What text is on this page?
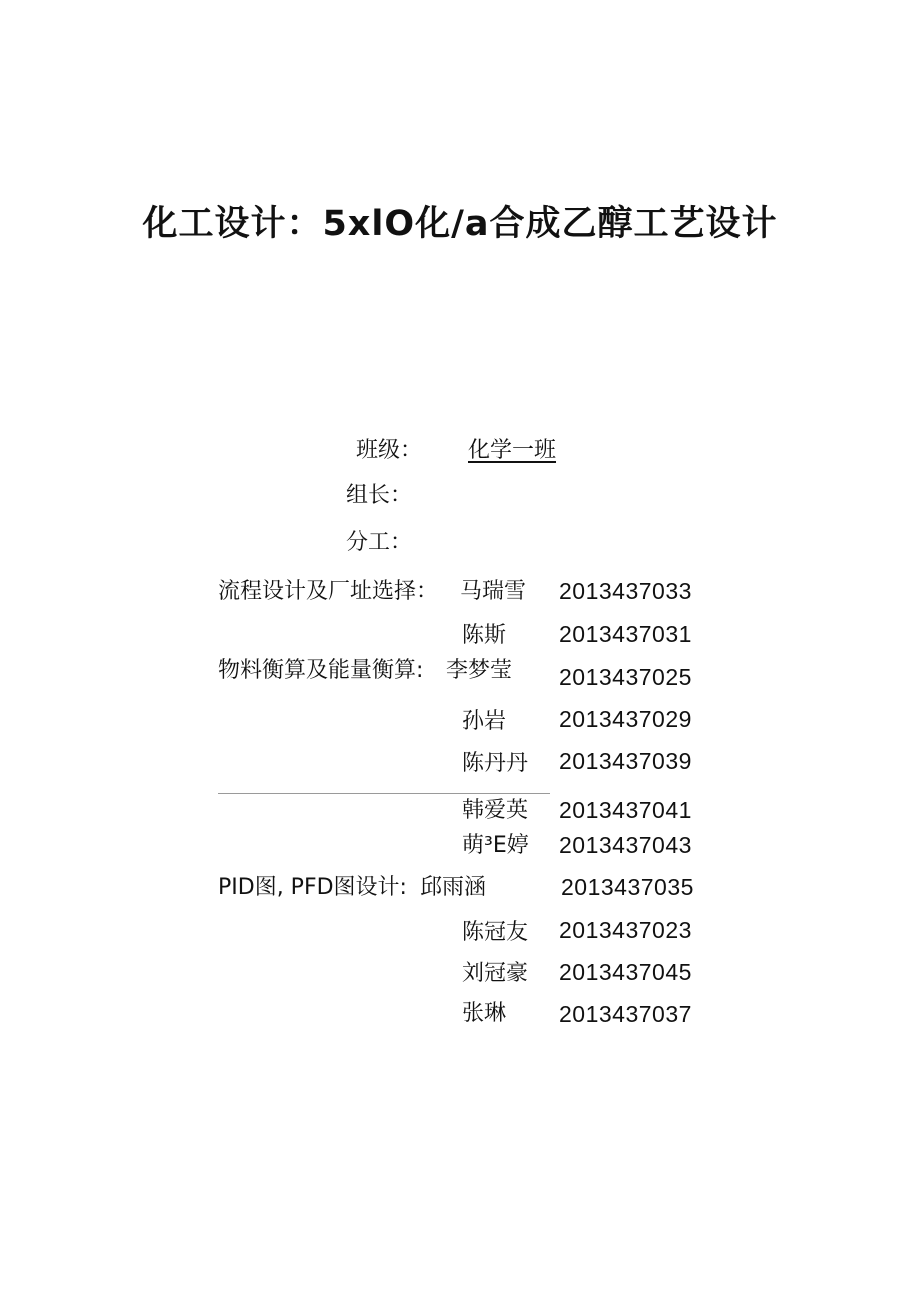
化工设计：5xlO化/a合成乙醇工艺设计
班级： 化学一班
组长：
分工：
流程设计及厂址选择： 马瑞雪 2013437033
陈斯 2013437031
物料衡算及能量衡算: 李梦莹 2013437025
孙岩 2013437029
陈丹丹 2013437039
韩爱英 2013437041
萌³E婷 2013437043
PID图, PFD图设计: 邱雨涵	2013437035
陈冠友 2013437023
刘冠豪 2013437045
张琳 2013437037
